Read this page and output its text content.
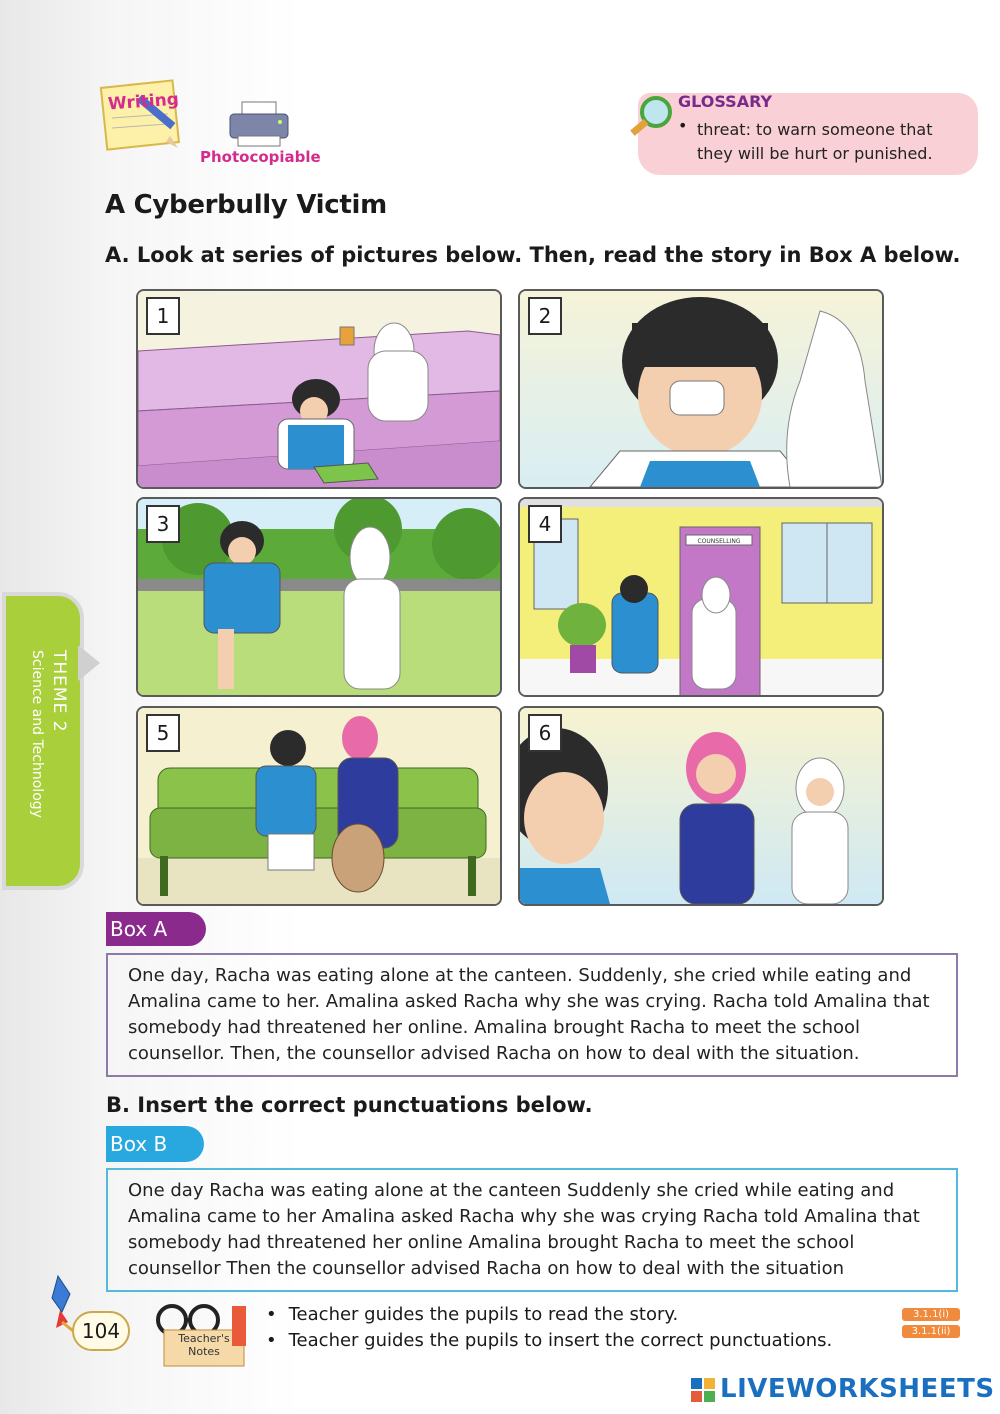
Writing
Photocopiable
GLOSSARY
• threat: to warn someone that they will be hurt or punished.
A Cyberbully Victim
A. Look at series of pictures below. Then, read the story in Box A below.
1	2
3
COUNSELLING
4
5	6
THEME 2
Science and Technology
Box A
One day, Racha was eating alone at the canteen. Suddenly, she cried while eating and Amalina came to her. Amalina asked Racha why she was crying. Racha told Amalina that somebody had threatened her online. Amalina brought Racha to meet the school counsellor. Then, the counsellor advised Racha on how to deal with the situation.
B. Insert the correct punctuations below.
Box B
One day Racha was eating alone at the canteen Suddenly she cried while eating and Amalina came to her Amalina asked Racha why she was crying Racha told Amalina that somebody had threatened her online Amalina brought Racha to meet the school counsellor Then the counsellor advised Racha on how to deal with the situation
104	Teacher's Notes
• Teacher guides the pupils to read the story.
• Teacher guides the pupils to insert the correct punctuations.
3.1.1(i)
3.1.1(ii)
LIVEWORKSHEETS
